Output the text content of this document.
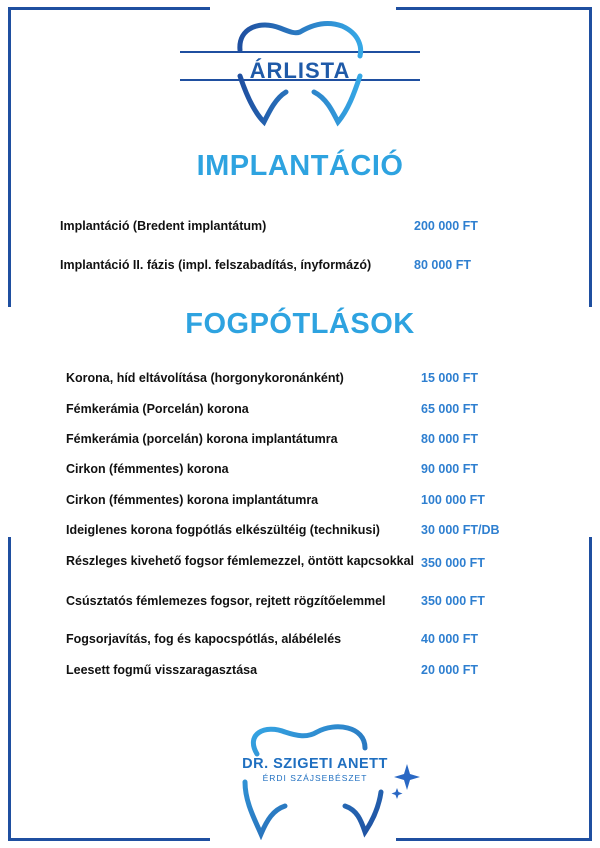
ÁRLISTA
IMPLANTÁCIÓ
Implantáció (Bredent implantátum)	200 000 FT
Implantáció II. fázis (impl. felszabadítás, ínyformázó)	80 000 FT
FOGPÓTLÁSOK
Korona, híd eltávolítása (horgonykoronánként)	15 000 FT
Fémkerámia (Porcelán) korona	65 000 FT
Fémkerámia (porcelán) korona implantátumra	80 000 FT
Cirkon (fémmentes) korona	90 000 FT
Cirkon (fémmentes) korona implantátumra	100 000 FT
Ideiglenes korona fogpótlás elkészültéig (technikusi)	30 000 FT/DB
Részleges kivehető fogsor fémlemezzel, öntött kapcsokkal 350 000 FT
Csúsztatós fémlemezes fogsor, rejtett rögzítőelemmel	350 000 FT
Fogsorjavítás, fog és kapocspótlás, alábélelés	40 000 FT
Leesett fogmű visszaragasztása	20 000 FT
DR. SZIGETI ANETT
ÉRDI SZÁJSEBÉSZET
